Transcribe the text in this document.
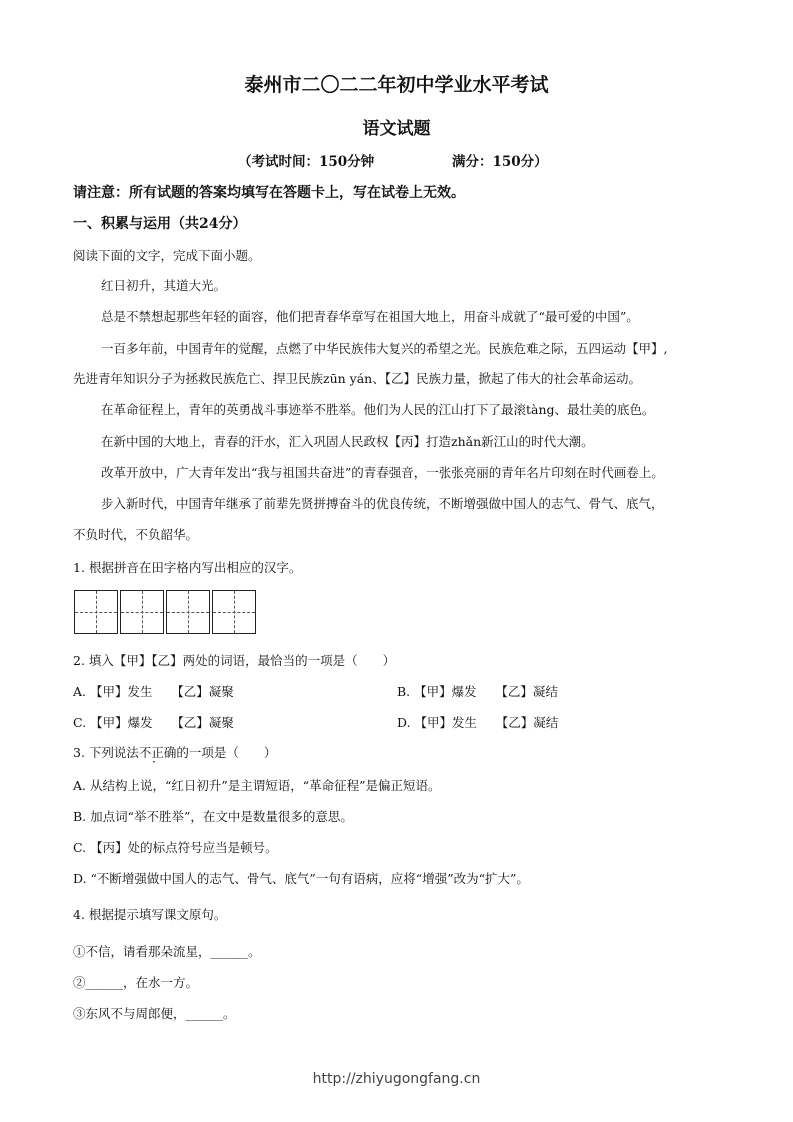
泰州市二〇二二年初中学业水平考试
语文试题
（考试时间：150分钟	满分：150分）
请注意：所有试题的答案均填写在答题卡上，写在试卷上无效。
一、积累与运用（共24分）
阅读下面的文字，完成下面小题。
红日初升，其道大光。
总是不禁想起那些年轻的面容，他们把青春华章写在祖国大地上，用奋斗成就了“最可爱的中国”。
一百多年前，中国青年的觉醒，点燃了中华民族伟大复兴的希望之光。民族危难之际，五四运动【甲】,
先进青年知识分子为拯救民族危亡、捍卫民族zūn yán、【乙】民族力量，掀起了伟大的社会革命运动。
在革命征程上，青年的英勇战斗事迹举不胜举。他们为人民的江山打下了最滚tàng、最壮美的底色。
在新中国的大地上，青春的汗水，汇入巩固人民政权【丙】打造zhǎn新江山的时代大潮。
改革开放中，广大青年发出“我与祖国共奋进”的青春强音，一张张亮丽的青年名片印刻在时代画卷上。
步入新时代，中国青年继承了前辈先贤拼搏奋斗的优良传统，不断增强做中国人的志气、骨气、底气，
不负时代，不负韶华。
1. 根据拼音在田字格内写出相应的汉字。
2. 填入【甲】【乙】两处的词语，最恰当的一项是（　　）
A. 【甲】发生　　【乙】凝聚	B. 【甲】爆发　　【乙】凝结
C. 【甲】爆发　　【乙】凝聚	D. 【甲】发生　　【乙】凝结
3. 下列说法不正确的一项是（　　）
A. 从结构上说，“红日初升”是主谓短语，“革命征程”是偏正短语。
B. 加点词“举不胜举”，在文中是数量很多的意思。
C. 【丙】处的标点符号应当是顿号。
D. “不断增强做中国人的志气、骨气、底气”一句有语病，应将“增强”改为“扩大”。
4. 根据提示填写课文原句。
①不信，请看那朵流星，______。
②______，在水一方。
③东风不与周郎便，______。
http://zhiyugongfang.cn
